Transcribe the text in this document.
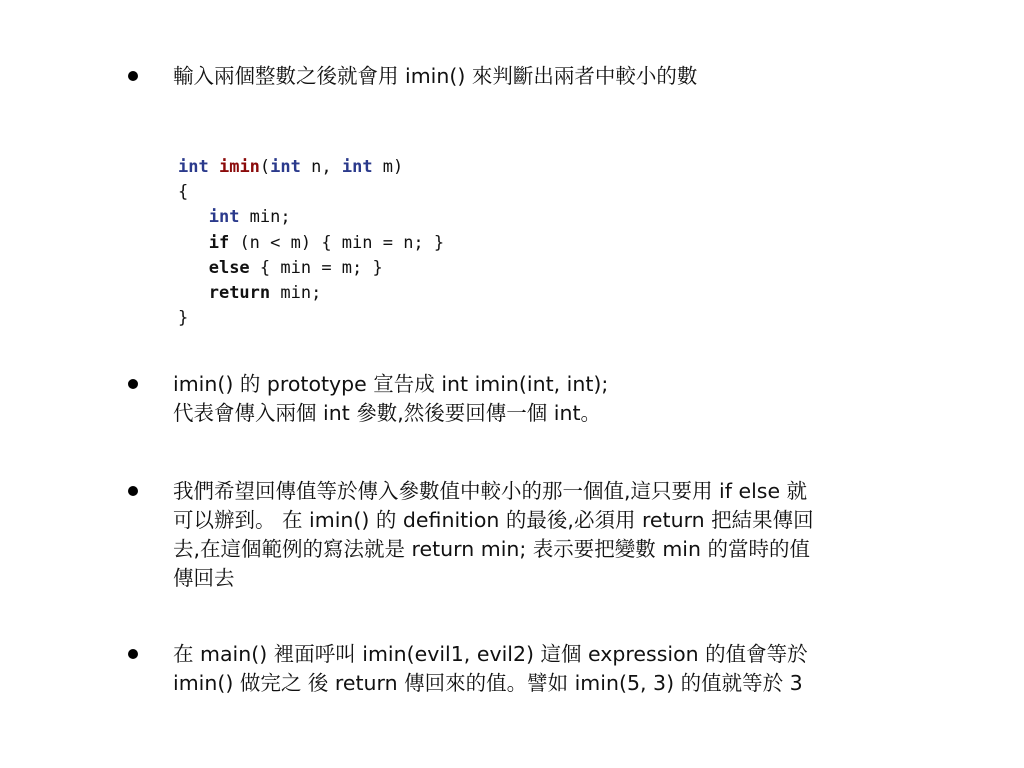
輸入兩個整數之後就會用 imin() 來判斷出兩者中較小的數
int imin(int n, int m)
{
int min;
if (n < m) { min = n; }
else { min = m; }
return min;
}
imin() 的 prototype 宣告成 int imin(int, int);
代表會傳入兩個 int 參數,然後要回傳一個 int。
我們希望回傳值等於傳入參數值中較小的那一個值,這只要用 if else 就
可以辦到。 在 imin() 的 definition 的最後,必須用 return 把結果傳回
去,在這個範例的寫法就是 return min; 表示要把變數 min 的當時的值
傳回去
在 main() 裡面呼叫 imin(evil1, evil2) 這個 expression 的值會等於
imin() 做完之 後 return 傳回來的值。譬如 imin(5, 3) 的值就等於 3
